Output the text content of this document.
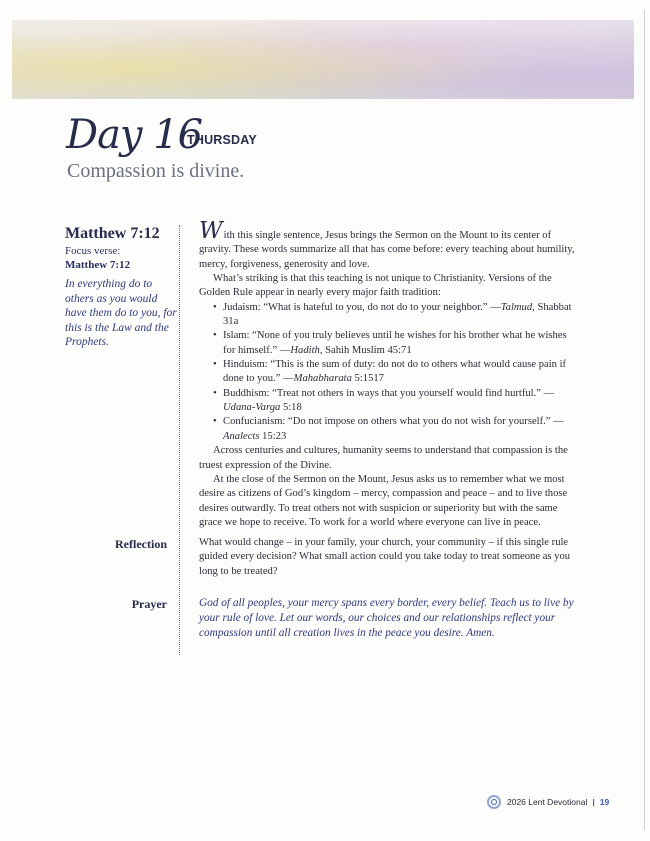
Day 16
THURSDAY
Compassion is divine.
Matthew 7:12
Focus verse:
Matthew 7:12
In everything do to others as you would have them do to you, for this is the Law and the Prophets.

With this single sentence, Jesus brings the Sermon on the Mount to its center of gravity. These words summarize all that has come before: every teaching about humility, mercy, forgiveness, generosity and love.

What’s striking is that this teaching is not unique to Christianity. Versions of the Golden Rule appear in nearly every major faith tradition:

• Judaism: “What is hateful to you, do not do to your neighbor.” —Talmud, Shabbat 31a
• Islam: “None of you truly believes until he wishes for his brother what he wishes for himself.” —Hadith, Sahih Muslim 45:71
• Hinduism: “This is the sum of duty: do not do to others what would cause pain if done to you.” —Mahabharata 5:1517
• Buddhism: “Treat not others in ways that you yourself would find hurtful.” —Udana-Varga 5:18
• Confucianism: “Do not impose on others what you do not wish for yourself.” —Analects 15:23

Across centuries and cultures, humanity seems to understand that compassion is the truest expression of the Divine.

At the close of the Sermon on the Mount, Jesus asks us to remember what we most desire as citizens of God’s kingdom – mercy, compassion and peace – and to live those desires outwardly. To treat others not with suspicion or superiority but with the same grace we hope to receive. To work for a world where everyone can live in peace.

Reflection	What would change – in your family, your church, your community – if this single rule guided every decision? What small action could you take today to treat someone as you long to be treated?
Prayer	God of all peoples, your mercy spans every border, every belief. Teach us to live by your rule of love. Let our words, our choices and our relationships reflect your compassion until all creation lives in the peace you desire. Amen.
2026 Lent Devotional | 19
